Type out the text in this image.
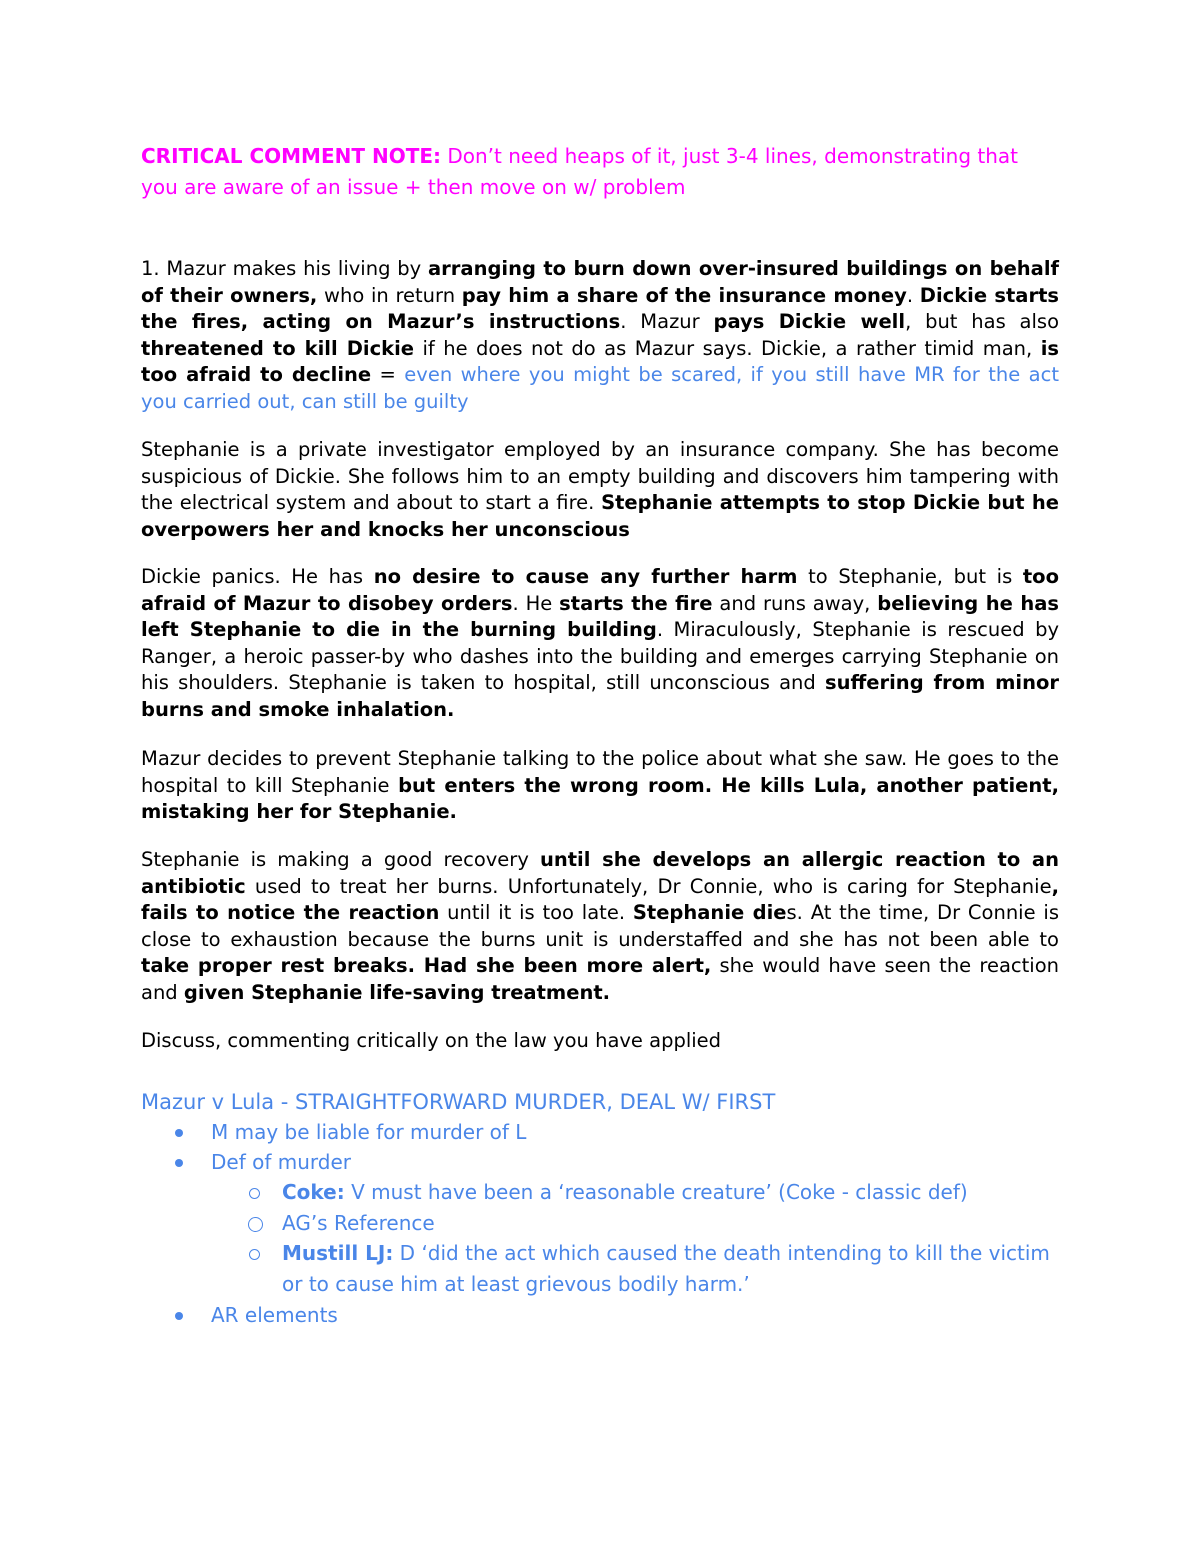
CRITICAL COMMENT NOTE: Don’t need heaps of it, just 3-4 lines, demonstrating that you are aware of an issue + then move on w/ problem

1. Mazur makes his living by arranging to burn down over-insured buildings on behalf of their owners, who in return pay him a share of the insurance money. Dickie starts the fires, acting on Mazur’s instructions. Mazur pays Dickie well, but has also threatened to kill Dickie if he does not do as Mazur says. Dickie, a rather timid man, is too afraid to decline = even where you might be scared, if you still have MR for the act you carried out, can still be guilty

Stephanie is a private investigator employed by an insurance company. She has become suspicious of Dickie. She follows him to an empty building and discovers him tampering with the electrical system and about to start a fire. Stephanie attempts to stop Dickie but he overpowers her and knocks her unconscious

Dickie panics. He has no desire to cause any further harm to Stephanie, but is too afraid of Mazur to disobey orders. He starts the fire and runs away, believing he has left Stephanie to die in the burning building. Miraculously, Stephanie is rescued by Ranger, a heroic passer-by who dashes into the building and emerges carrying Stephanie on his shoulders. Stephanie is taken to hospital, still unconscious and suffering from minor burns and smoke inhalation.

Mazur decides to prevent Stephanie talking to the police about what she saw. He goes to the hospital to kill Stephanie but enters the wrong room. He kills Lula, another patient, mistaking her for Stephanie.

Stephanie is making a good recovery until she develops an allergic reaction to an antibiotic used to treat her burns. Unfortunately, Dr Connie, who is caring for Stephanie, fails to notice the reaction until it is too late. Stephanie dies. At the time, Dr Connie is close to exhaustion because the burns unit is understaffed and she has not been able to take proper rest breaks. Had she been more alert, she would have seen the reaction and given Stephanie life-saving treatment.

Discuss, commenting critically on the law you have applied

Mazur v Lula - STRAIGHTFORWARD MURDER, DEAL W/ FIRST

M may be liable for murder of L

Def of murder

Coke: V must have been a ‘reasonable creature’ (Coke - classic def)

AG’s Reference

Mustill LJ: D ‘did the act which caused the death intending to kill the victim or to cause him at least grievous bodily harm.’

AR elements
